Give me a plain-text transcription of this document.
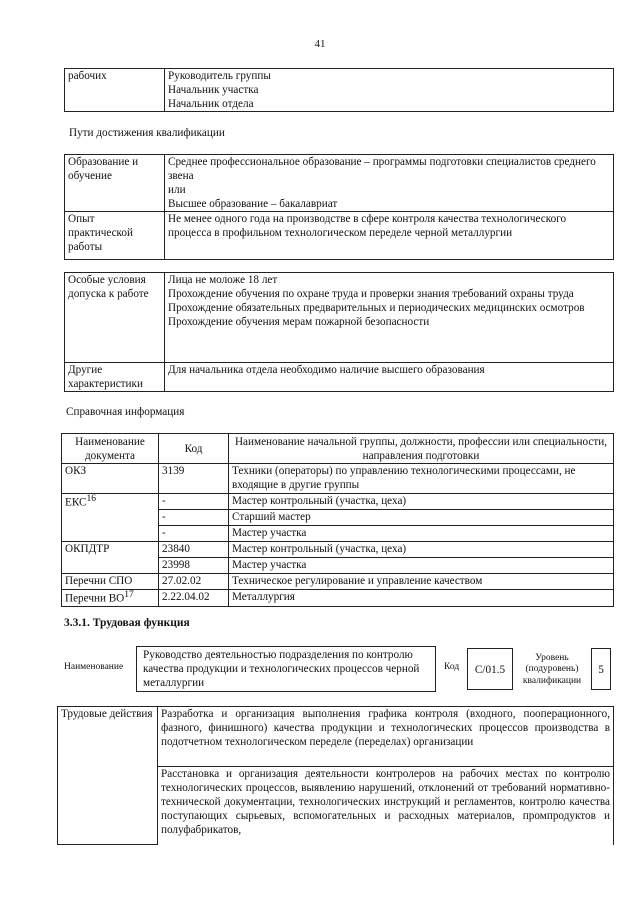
41
рабочих	Руководитель группы
Начальник участка
Начальник отдела
Пути достижения квалификации
Образование и обучение	Среднее профессиональное образование – программы подготовки специалистов среднего звена
или
Высшее образование – бакалавриат

Опыт практической работы	Не менее одного года на производстве в сфере контроля качества технологического процесса в профильном технологическом переделе черной металлургии
Особые условия допуска к работе	Лица не моложе 18 лет
Прохождение обучения по охране труда и проверки знания требований охраны труда
Прохождение обязательных предварительных и периодических медицинских осмотров
Прохождение обучения мерам пожарной безопасности

Другие характеристики	Для начальника отдела необходимо наличие высшего образования
Справочная информация
Наименование документа	Код	Наименование начальной группы, должности, профессии или специальности, направления подготовки
ОКЗ	3139	Техники (операторы) по управлению технологическими процессами, не входящие в другие группы
ЕКС$^{16}$	-	Мастер контрольный (участка, цеха)
	-	Старший мастер
	-	Мастер участка
ОКПДТР	23840	Мастер контрольный (участка, цеха)
	23998	Мастер участка
Перечни СПО	27.02.02	Техническое регулирование и управление качеством
Перечни ВО$^{17}$	2.22.04.02	Металлургия
3.3.1. Трудовая функция
Наименование
Руководство деятельностью подразделения по контролю качества продукции и технологических процессов черной металлургии
Код	C/01.5
Уровень (подуровень) квалификации
5
Трудовые действия	Разработка и организация выполнения графика контроля (входного, пооперационного, фазного, финишного) качества продукции и технологических процессов производства в подотчетном технологическом переделе (переделах) организации
Расстановка и организация деятельности контролеров на рабочих местах по контролю технологических процессов, выявлению нарушений, отклонений от требований нормативно-технической документации, технологических инструкций и регламентов, контролю качества поступающих сырьевых, вспомогательных и расходных материалов, промпродуктов и полуфабрикатов,
